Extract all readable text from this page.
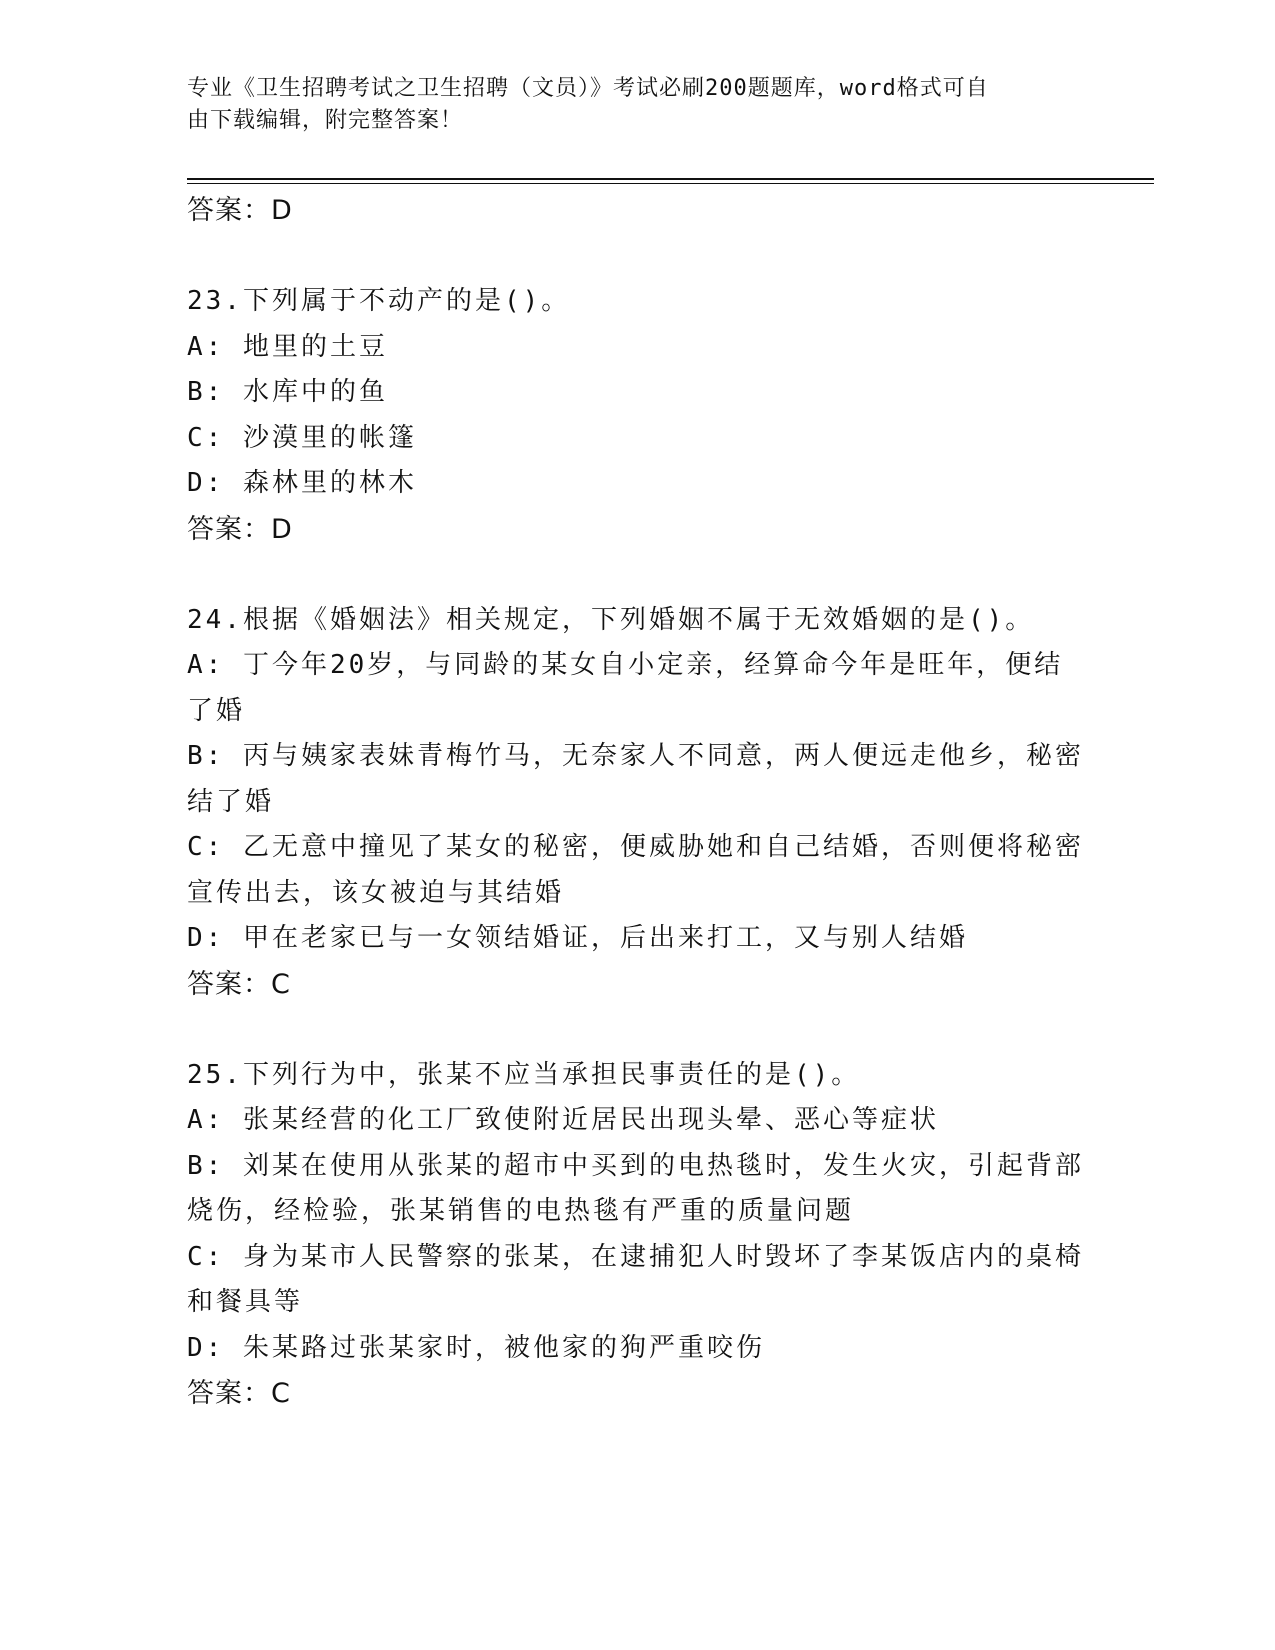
专业《卫生招聘考试之卫生招聘（文员）》考试必刷200题题库，word格式可自
由下载编辑，附完整答案！
答案：D
23.下列属于不动产的是()。
A: 地里的土豆
B: 水库中的鱼
C: 沙漠里的帐篷
D: 森林里的林木
答案：D
24.根据《婚姻法》相关规定，下列婚姻不属于无效婚姻的是()。
A: 丁今年20岁，与同龄的某女自小定亲，经算命今年是旺年，便结了婚
B: 丙与姨家表妹青梅竹马，无奈家人不同意，两人便远走他乡，秘密结了婚
C: 乙无意中撞见了某女的秘密，便威胁她和自己结婚，否则便将秘密宣传出去，该女被迫与其结婚
D: 甲在老家已与一女领结婚证，后出来打工，又与别人结婚
答案：C
25.下列行为中，张某不应当承担民事责任的是()。
A: 张某经营的化工厂致使附近居民出现头晕、恶心等症状
B: 刘某在使用从张某的超市中买到的电热毯时，发生火灾，引起背部烧伤，经检验，张某销售的电热毯有严重的质量问题
C: 身为某市人民警察的张某，在逮捕犯人时毁坏了李某饭店内的桌椅和餐具等
D: 朱某路过张某家时，被他家的狗严重咬伤
答案：C
